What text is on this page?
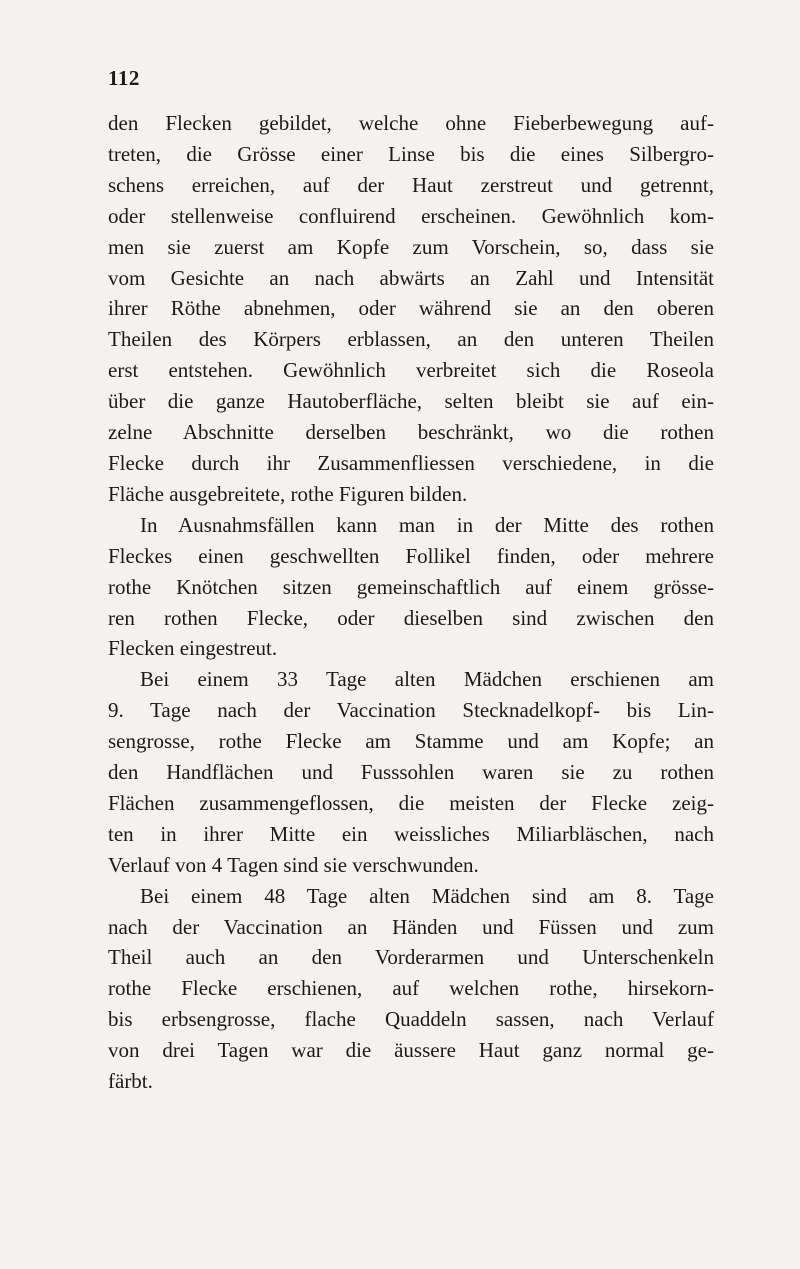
112
den Flecken gebildet, welche ohne Fieberbewegung auf-
treten, die Grösse einer Linse bis die eines Silbergro-
schens erreichen, auf der Haut zerstreut und getrennt,
oder stellenweise confluirend erscheinen. Gewöhnlich kom-
men sie zuerst am Kopfe zum Vorschein, so, dass sie
vom Gesichte an nach abwärts an Zahl und Intensität
ihrer Röthe abnehmen, oder während sie an den oberen
Theilen des Körpers erblassen, an den unteren Theilen
erst entstehen. Gewöhnlich verbreitet sich die Roseola
über die ganze Hautoberfläche, selten bleibt sie auf ein-
zelne Abschnitte derselben beschränkt, wo die rothen
Flecke durch ihr Zusammenfliessen verschiedene, in die
Fläche ausgebreitete, rothe Figuren bilden.
In Ausnahmsfällen kann man in der Mitte des rothen
Fleckes einen geschwellten Follikel finden, oder mehrere
rothe Knötchen sitzen gemeinschaftlich auf einem grösse-
ren rothen Flecke, oder dieselben sind zwischen den
Flecken eingestreut.
Bei einem 33 Tage alten Mädchen erschienen am
9. Tage nach der Vaccination Stecknadelkopf- bis Lin-
sengrosse, rothe Flecke am Stamme und am Kopfe; an
den Handflächen und Fusssohlen waren sie zu rothen
Flächen zusammengeflossen, die meisten der Flecke zeig-
ten in ihrer Mitte ein weissliches Miliarbläschen, nach
Verlauf von 4 Tagen sind sie verschwunden.
Bei einem 48 Tage alten Mädchen sind am 8. Tage
nach der Vaccination an Händen und Füssen und zum
Theil auch an den Vorderarmen und Unterschenkeln
rothe Flecke erschienen, auf welchen rothe, hirsekorn-
bis erbsengrosse, flache Quaddeln sassen, nach Verlauf
von drei Tagen war die äussere Haut ganz normal ge-
färbt.
